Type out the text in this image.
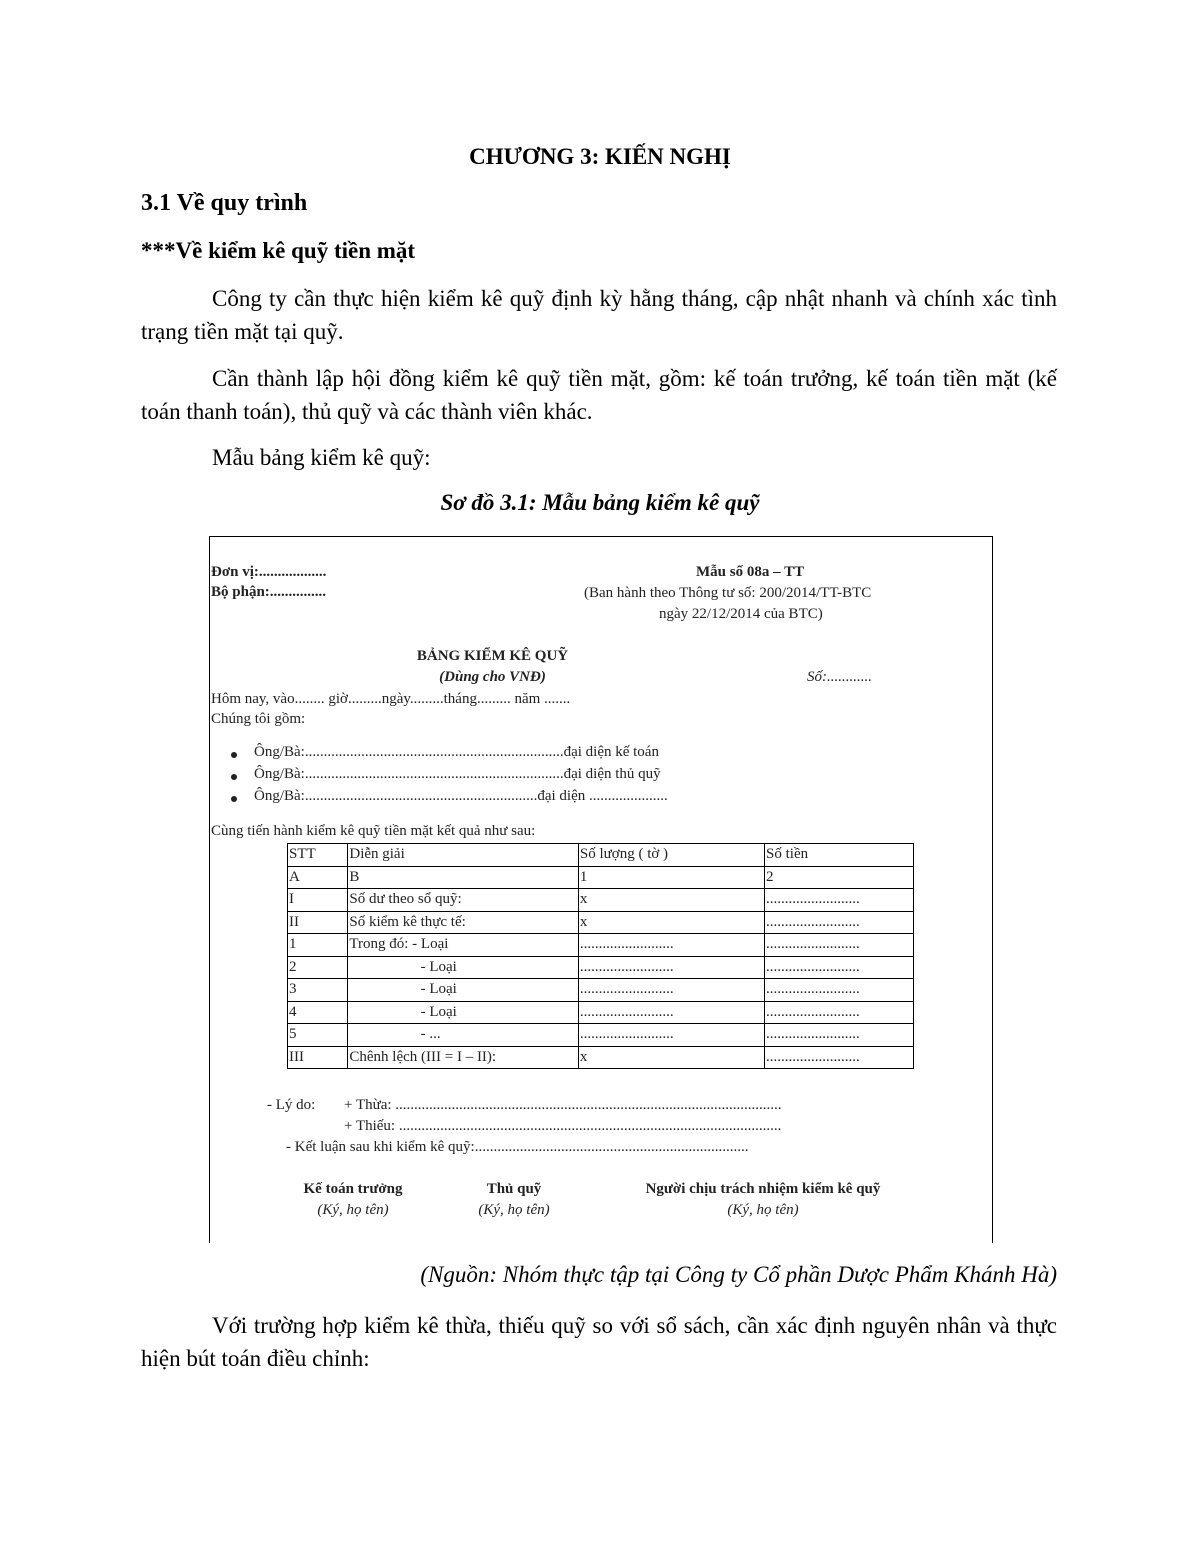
CHƯƠNG 3: KIẾN NGHỊ
3.1 Về quy trình
***Về kiểm kê quỹ tiền mặt
Công ty cần thực hiện kiểm kê quỹ định kỳ hằng tháng, cập nhật nhanh và chính xác tình trạng tiền mặt tại quỹ.
Cần thành lập hội đồng kiểm kê quỹ tiền mặt, gồm: kế toán trưởng, kế toán tiền mặt (kế toán thanh toán), thủ quỹ và các thành viên khác.
Mẫu bảng kiểm kê quỹ:
Sơ đồ 3.1: Mẫu bảng kiểm kê quỹ
Đơn vị:..................
Bộ phận:...............
Mẫu số 08a – TT
(Ban hành theo Thông tư số: 200/2014/TT-BTC
ngày 22/12/2014 của BTC)
BẢNG KIỂM KÊ QUỸ
(Dùng cho VNĐ)	Số:............
Hôm nay, vào........ giờ.........ngày.........tháng......... năm .......
Chúng tôi gồm:
Ông/Bà:.....................................................................đại diện kế toán
Ông/Bà:.....................................................................đại diện thủ quỹ
Ông/Bà:..............................................................đại diện .....................
Cùng tiến hành kiểm kê quỹ tiền mặt kết quả như sau:
STT	Diễn giải	Số lượng ( tờ )	Số tiền
A	B	1	2
I	Số dư theo sổ quỹ:	x	.........................
II	Số kiểm kê thực tế:	x	.........................
1	Trong đó: - Loại	.........................	.........................
2	- Loại	.........................	.........................
3	- Loại	.........................	.........................
4	- Loại	.........................	.........................
5	- ...	.........................	.........................
III	Chênh lệch (III = I – II):	x	.........................
- Lý do: + Thừa: .......................................................................................................
+ Thiếu: ......................................................................................................
- Kết luận sau khi kiểm kê quỹ:.........................................................................
Kế toán trưởng
(Ký, họ tên)
Thủ quỹ
(Ký, họ tên)
Người chịu trách nhiệm kiểm kê quỹ
(Ký, họ tên)
(Nguồn: Nhóm thực tập tại Công ty Cổ phần Dược Phẩm Khánh Hà)
Với trường hợp kiểm kê thừa, thiếu quỹ so với sổ sách, cần xác định nguyên nhân và thực hiện bút toán điều chỉnh:
